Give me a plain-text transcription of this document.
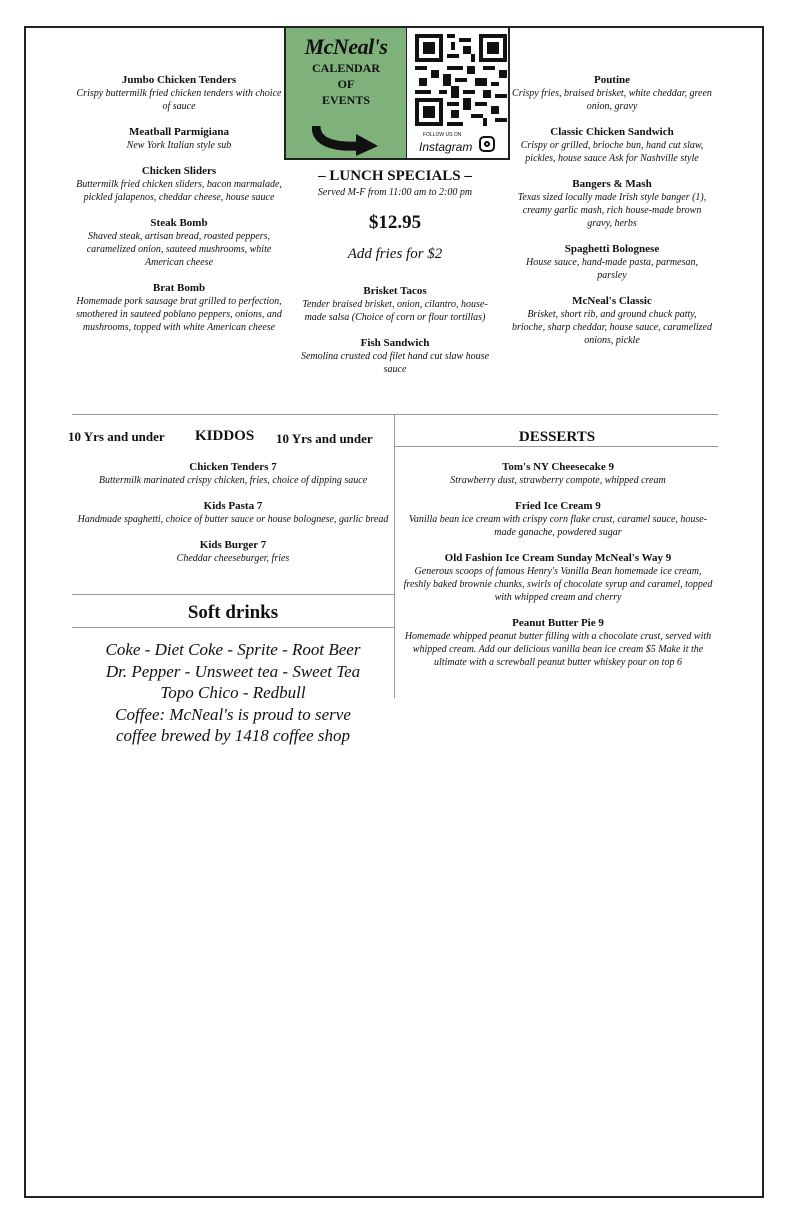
McNeal's
CALENDAR
OF
EVENTS
FOLLOW US ON
Instagram
Jumbo Chicken Tenders
Crispy buttermilk fried chicken tenders with choice of sauce
Meatball Parmigiana
New York Italian style sub
Chicken Sliders
Buttermilk fried chicken sliders, bacon marmalade, pickled jalapenos, cheddar cheese, house sauce
Steak Bomb
Shaved steak, artisan bread, roasted peppers, caramelized onion, sauteed mushrooms, white American cheese
Brat Bomb
Homemade pork sausage brat grilled to perfection, smothered in sauteed poblano peppers, onions, and mushrooms, topped with white American cheese
– LUNCH SPECIALS –
Served M-F from 11:00 am to 2:00 pm
$12.95
Add fries for $2
Brisket Tacos
Tender braised brisket, onion, cilantro, house-made salsa (Choice of corn or flour tortillas)
Fish Sandwich
Semolina crusted cod filet hand cut slaw house sauce
Poutine
Crispy fries, braised brisket, white cheddar, green onion, gravy
Classic Chicken Sandwich
Crispy or grilled, brioche bun, hand cut slaw, pickles, house sauce Ask for Nashville style
Bangers & Mash
Texas sized locally made Irish style banger (1), creamy garlic mash, rich house-made brown gravy, herbs
Spaghetti Bolognese
House sauce, hand-made pasta, parmesan, parsley
McNeal's Classic
Brisket, short rib, and ground chuck patty, brioche, sharp cheddar, house sauce, caramelized onions, pickle
10 Yrs and under KIDDOS 10 Yrs and under
Chicken Tenders 7
Buttermilk marinated crispy chicken, fries, choice of dipping sauce
Kids Pasta 7
Handmade spaghetti, choice of butter sauce or house bolognese, garlic bread
Kids Burger 7
Cheddar cheeseburger, fries
Soft drinks
Coke - Diet Coke - Sprite - Root Beer
Dr. Pepper - Unsweet tea - Sweet Tea
Topo Chico - Redbull
Coffee: McNeal's is proud to serve
coffee brewed by 1418 coffee shop
DESSERTS
Tom's NY Cheesecake 9
Strawberry dust, strawberry compote, whipped cream
Fried Ice Cream 9
Vanilla bean ice cream with crispy corn flake crust, caramel sauce, house-made ganache, powdered sugar
Old Fashion Ice Cream Sunday McNeal's Way 9
Generous scoops of famous Henry's Vanilla Bean homemade ice cream, freshly baked brownie chunks, swirls of chocolate syrup and caramel, topped with whipped cream and cherry
Peanut Butter Pie 9
Homemade whipped peanut butter filling with a chocolate crust, served with whipped cream. Add our delicious vanilla bean ice cream $5 Make it the ultimate with a screwball peanut butter whiskey pour on top 6
